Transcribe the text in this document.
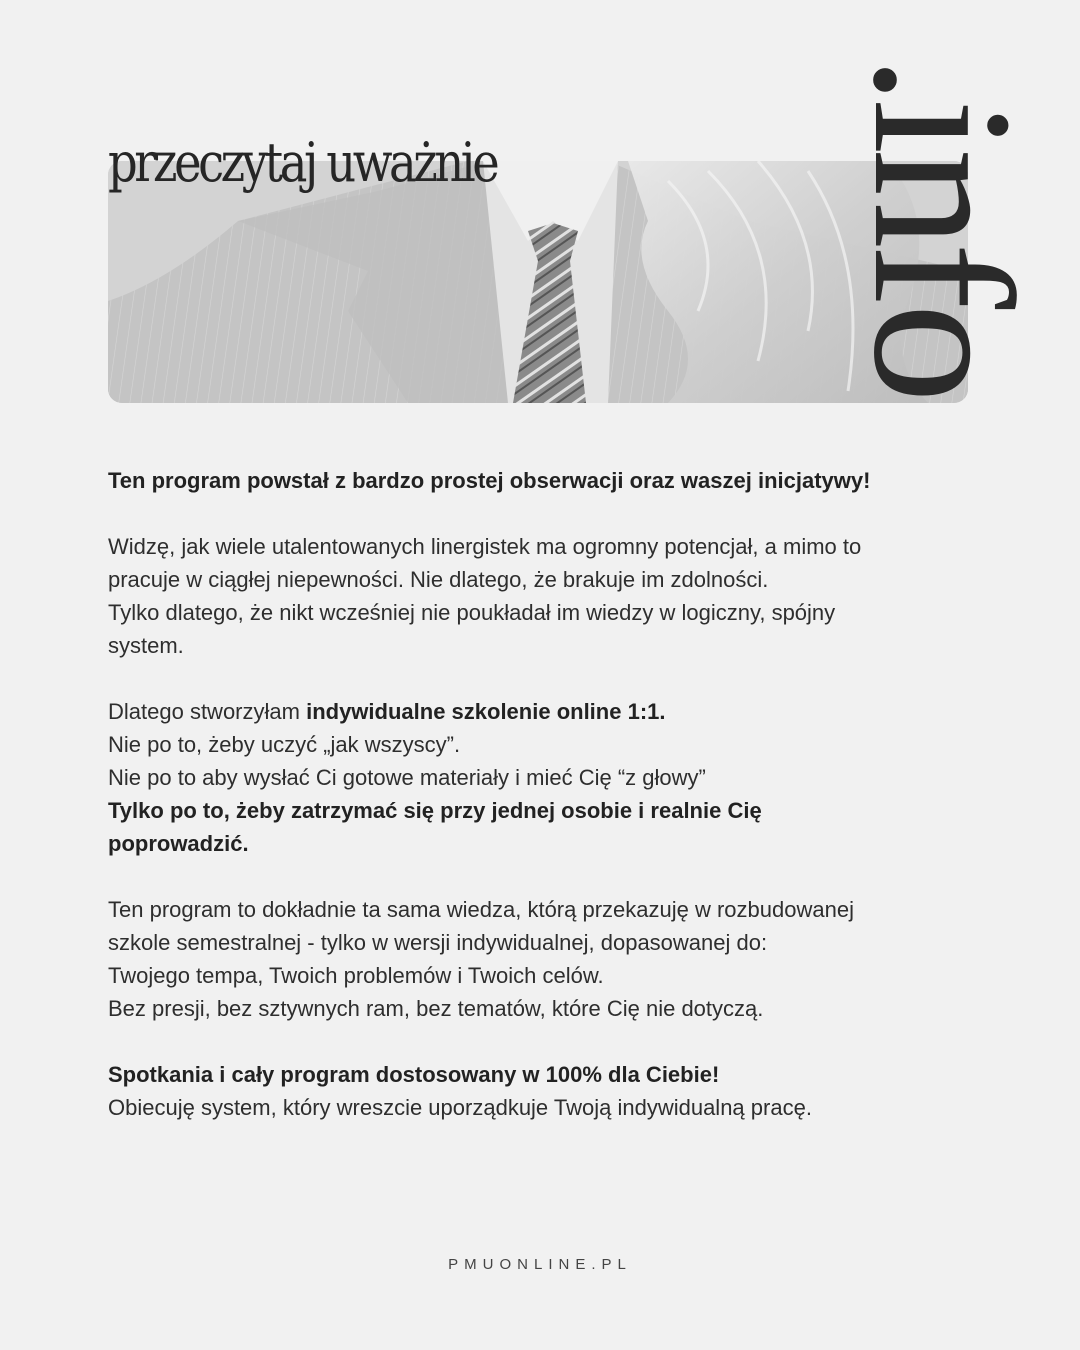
przeczytaj uważnie .info

Ten program powstał z bardzo prostej obserwacji oraz waszej inicjatywy!

Widzę, jak wiele utalentowanych linergistek ma ogromny potencjał, a mimo to

pracuje w ciągłej niepewności. Nie dlatego, że brakuje im zdolności.

Tylko dlatego, że nikt wcześniej nie poukładał im wiedzy w logiczny, spójny

system.

Dlatego stworzyłam indywidualne szkolenie online 1:1.

Nie po to, żeby uczyć „jak wszyscy”.

Nie po to aby wysłać Ci gotowe materiały i mieć Cię “z głowy”

Tylko po to, żeby zatrzymać się przy jednej osobie i realnie Cię

poprowadzić.

Ten program to dokładnie ta sama wiedza, którą przekazuję w rozbudowanej

szkole semestralnej - tylko w wersji indywidualnej, dopasowanej do:

Twojego tempa, Twoich problemów i Twoich celów.

Bez presji, bez sztywnych ram, bez tematów, które Cię nie dotyczą.

Spotkania i cały program dostosowany w 100% dla Ciebie!

Obiecuję system, który wreszcie uporządkuje Twoją indywidualną pracę.

PMUONLINE.PL
